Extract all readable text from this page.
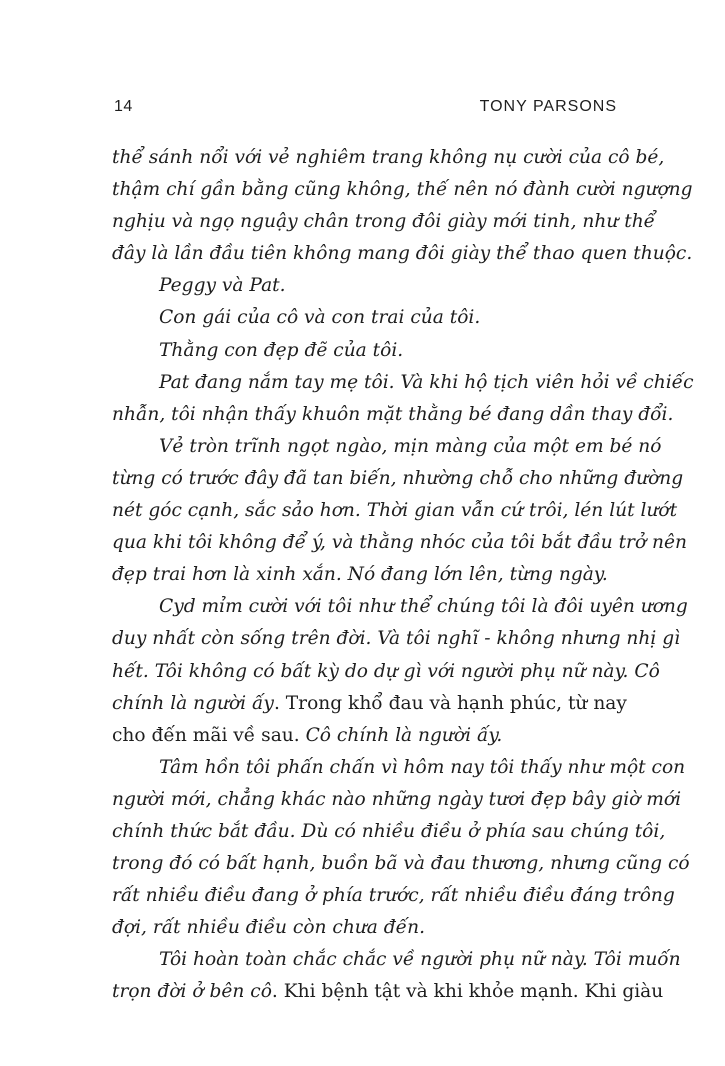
14	TONY PARSONS
thể sánh nổi với vẻ nghiêm trang không nụ cười của cô bé,
thậm chí gần bằng cũng không, thế nên nó đành cười ngượng
nghịu và ngọ nguậy chân trong đôi giày mới tinh, như thể
đây là lần đầu tiên không mang đôi giày thể thao quen thuộc.
Peggy và Pat.
Con gái của cô và con trai của tôi.
Thằng con đẹp đẽ của tôi.
Pat đang nắm tay mẹ tôi. Và khi hộ tịch viên hỏi về chiếc
nhẫn, tôi nhận thấy khuôn mặt thằng bé đang dần thay đổi.
Vẻ tròn trĩnh ngọt ngào, mịn màng của một em bé nó
từng có trước đây đã tan biến, nhường chỗ cho những đường
nét góc cạnh, sắc sảo hơn. Thời gian vẫn cứ trôi, lén lút lướt
qua khi tôi không để ý, và thằng nhóc của tôi bắt đầu trở nên
đẹp trai hơn là xinh xắn. Nó đang lớn lên, từng ngày.
Cyd mỉm cười với tôi như thể chúng tôi là đôi uyên ương
duy nhất còn sống trên đời. Và tôi nghĩ - không nhưng nhị gì
hết. Tôi không có bất kỳ do dự gì với người phụ nữ này. Cô
chính là người ấy. Trong khổ đau và hạnh phúc, từ nay
cho đến mãi về sau. Cô chính là người ấy.
Tâm hồn tôi phấn chấn vì hôm nay tôi thấy như một con
người mới, chẳng khác nào những ngày tươi đẹp bây giờ mới
chính thức bắt đầu. Dù có nhiều điều ở phía sau chúng tôi,
trong đó có bất hạnh, buồn bã và đau thương, nhưng cũng có
rất nhiều điều đang ở phía trước, rất nhiều điều đáng trông
đợi, rất nhiều điều còn chưa đến.
Tôi hoàn toàn chắc chắc về người phụ nữ này. Tôi muốn
trọn đời ở bên cô. Khi bệnh tật và khi khỏe mạnh. Khi giàu
